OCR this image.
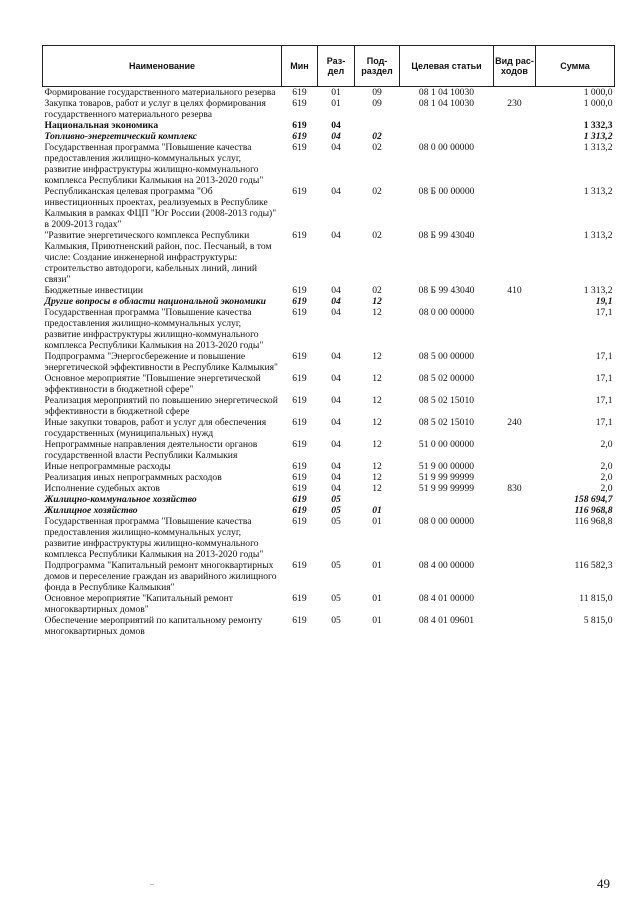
Наименование	Мин	Раз-дел	Под-раздел	Целевая статьи	Вид рас-ходов	Сумма
Формирование государственного материального резерва	619	01	09	08 1 04 10030		1 000,0
Закупка товаров, работ и услуг в целях формирования государственного материального резерва	619	01	09	08 1 04 10030	230	1 000,0
Национальная экономика	619	04				1 332,3
Топливно-энергетический комплекс	619	04	02			1 313,2
Государственная программа "Повышение качества предоставления жилищно-коммунальных услуг, развитие инфраструктуры жилищно-коммунального комплекса Республики Калмыкия на 2013-2020 годы"	619	04	02	08 0 00 00000		1 313,2
Республиканская целевая программа "Об инвестиционных проектах, реализуемых в Республике Калмыкия в рамках ФЦП "Юг России (2008-2013 годы)" в 2009-2013 годах"	619	04	02	08 Б 00 00000		1 313,2
"Развитие энергетического комплекса Республики Калмыкия, Приютненский район, пос. Песчаный, в том числе: Создание инженерной инфраструктуры: строительство автодороги, кабельных линий, линий связи"	619	04	02	08 Б 99 43040		1 313,2
Бюджетные инвестиции	619	04	02	08 Б 99 43040	410	1 313,2
Другие вопросы в области национальной экономики	619	04	12			19,1
Государственная программа "Повышение качества предоставления жилищно-коммунальных услуг, развитие инфраструктуры жилищно-коммунального комплекса Республики Калмыкия на 2013-2020 годы"	619	04	12	08 0 00 00000		17,1
Подпрограмма "Энергосбережение и повышение энергетической эффективности в Республике Калмыкия"	619	04	12	08 5 00 00000		17,1
Основное мероприятие "Повышение энергетической эффективности в бюджетной сфере"	619	04	12	08 5 02 00000		17,1
Реализация мероприятий по повышению энергетической эффективности в бюджетной сфере	619	04	12	08 5 02 15010		17,1
Иные закупки товаров, работ и услуг для обеспечения государственных (муниципальных) нужд	619	04	12	08 5 02 15010	240	17,1
Непрограммные направления деятельности органов государственной власти Республики Калмыкия	619	04	12	51 0 00 00000		2,0
Иные непрограммные расходы	619	04	12	51 9 00 00000		2,0
Реализация иных непрограммных расходов	619	04	12	51 9 99 99999		2,0
Исполнение судебных актов	619	04	12	51 9 99 99999	830	2,0
Жилищно-коммунальное хозяйство	619	05				158 694,7
Жилищное хозяйство	619	05	01			116 968,8
Государственная программа "Повышение качества предоставления жилищно-коммунальных услуг, развитие инфраструктуры жилищно-коммунального комплекса Республики Калмыкия на 2013-2020 годы"	619	05	01	08 0 00 00000		116 968,8
Подпрограмма "Капитальный ремонт многоквартирных домов и переселение граждан из аварийного жилищного фонда в Республике Калмыкия"	619	05	01	08 4 00 00000		116 582,3
Основное мероприятие "Капитальный ремонт многоквартирных домов"	619	05	01	08 4 01 00000		11 815,0
Обеспечение мероприятий по капитальному ремонту многоквартирных домов	619	05	01	08 4 01 09601		5 815,0
49
